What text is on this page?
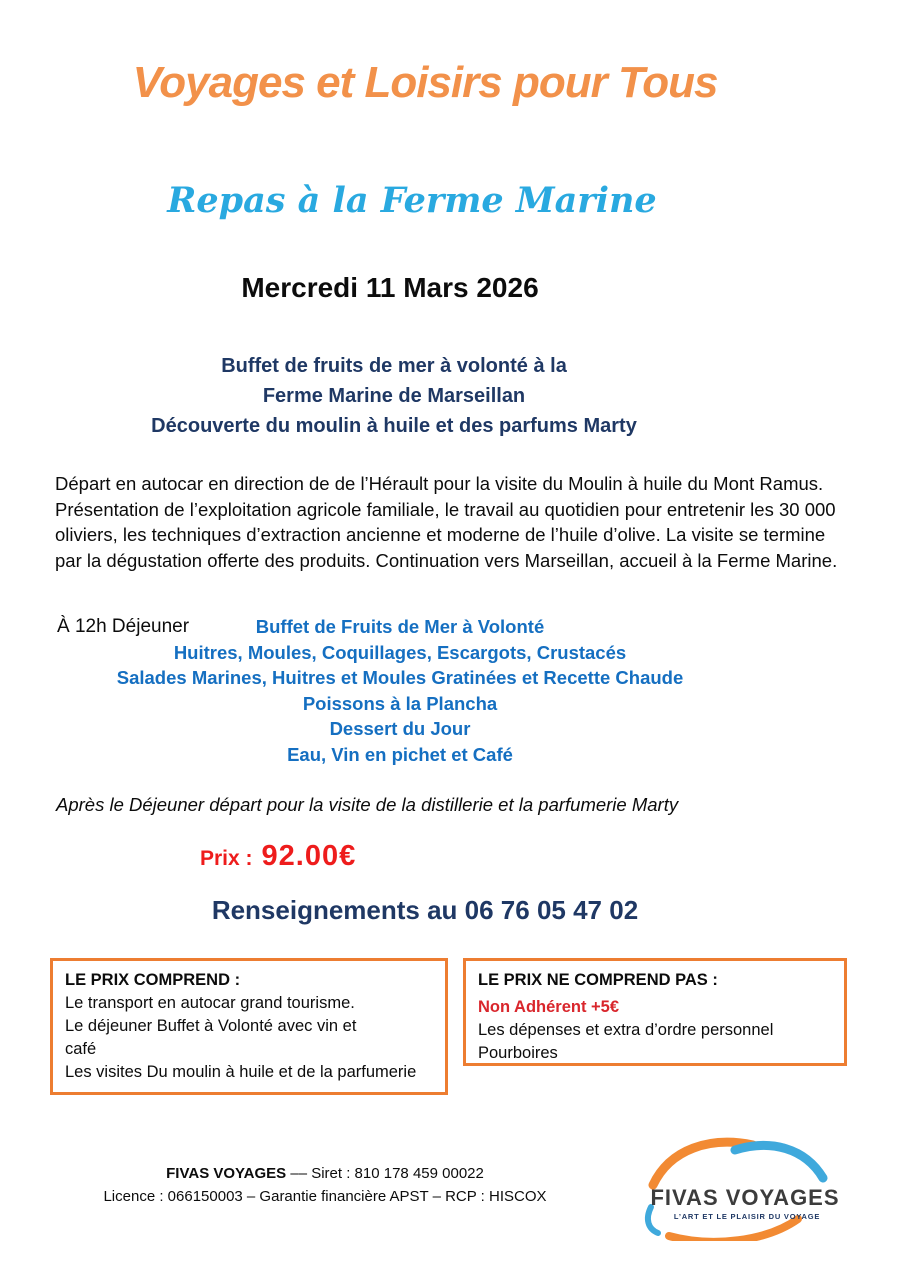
Voyages et Loisirs pour Tous
Repas à la Ferme Marine
Mercredi 11 Mars 2026
Buffet de fruits de mer à volonté à la
Ferme Marine de Marseillan
Découverte du moulin à huile et des parfums Marty
Départ en autocar en direction de de l’Hérault pour la visite du Moulin à huile du Mont Ramus. Présentation de l’exploitation agricole familiale, le travail au quotidien pour entretenir les 30 000 oliviers, les techniques d’extraction ancienne et moderne de l’huile d’olive. La visite se termine par la dégustation offerte des produits. Continuation vers Marseillan, accueil à la Ferme Marine.
À 12h Déjeuner	Buffet de Fruits de Mer à Volonté
Huitres, Moules, Coquillages, Escargots, Crustacés
Salades Marines, Huitres et Moules Gratinées et Recette Chaude
Poissons à la Plancha
Dessert du Jour
Eau, Vin en pichet et Café
Après le Déjeuner départ pour la visite de la distillerie et la parfumerie Marty
Prix : 92.00€
Renseignements au 06 76 05 47 02
LE PRIX COMPREND :
Le transport en autocar grand tourisme.
Le déjeuner Buffet à Volonté avec vin et
café
Les visites Du moulin à huile et de la parfumerie
LE PRIX NE COMPREND PAS :
Non Adhérent +5€
Les dépenses et extra d’ordre personnel
Pourboires
FIVAS VOYAGES –– Siret : 810 178 459 00022
Licence : 066150003 – Garantie financière APST – RCP : HISCOX	FIVAS VOYAGES
L’ART ET LE PLAISIR DU VOYAGE
